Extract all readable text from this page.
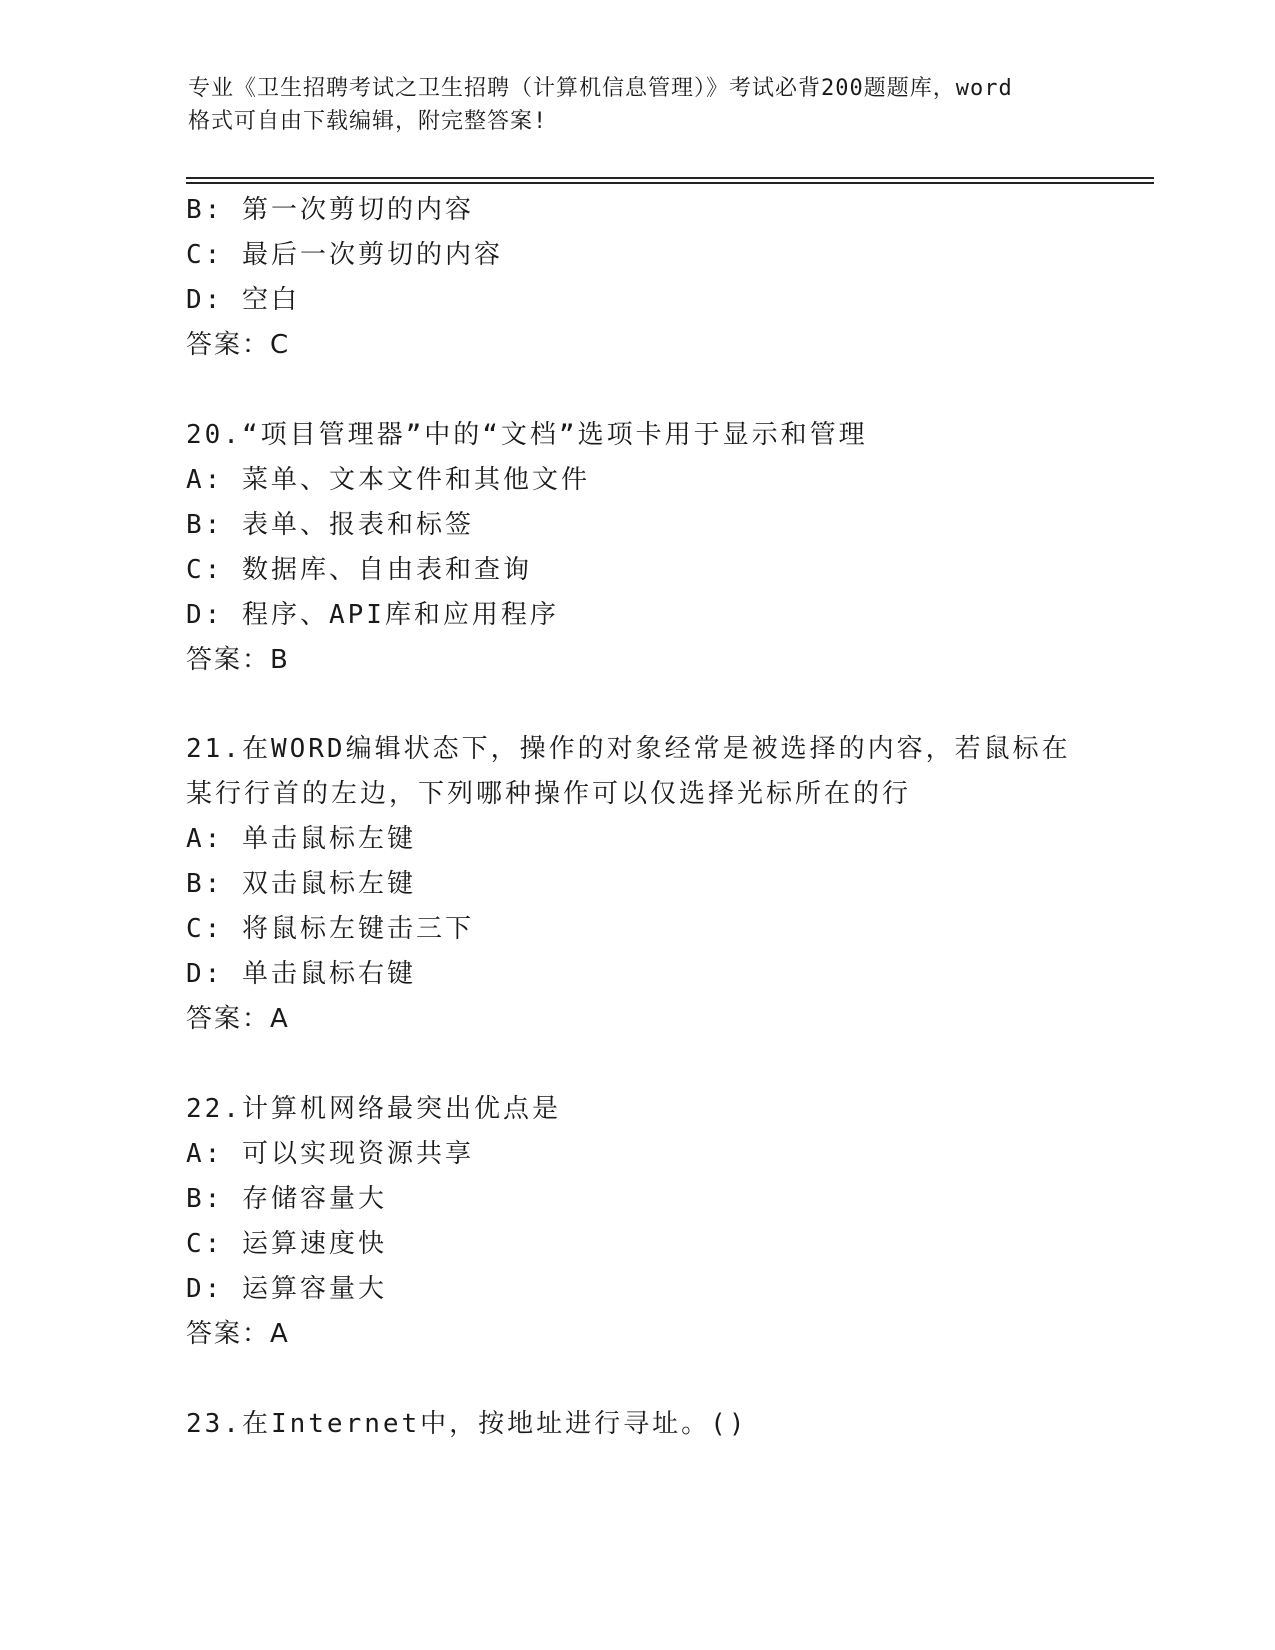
专业《卫生招聘考试之卫生招聘（计算机信息管理）》考试必背200题题库，word
格式可自由下载编辑，附完整答案!
B: 第一次剪切的内容
C: 最后一次剪切的内容
D: 空白
答案：C
20.“项目管理器”中的“文档”选项卡用于显示和管理
A: 菜单、文本文件和其他文件
B: 表单、报表和标签
C: 数据库、自由表和查询
D: 程序、API库和应用程序
答案：B
21.在WORD编辑状态下，操作的对象经常是被选择的内容，若鼠标在
某行行首的左边，下列哪种操作可以仅选择光标所在的行
A: 单击鼠标左键
B: 双击鼠标左键
C: 将鼠标左键击三下
D: 单击鼠标右键
答案：A
22.计算机网络最突出优点是
A: 可以实现资源共享
B: 存储容量大
C: 运算速度快
D: 运算容量大
答案：A
23.在Internet中，按地址进行寻址。()
